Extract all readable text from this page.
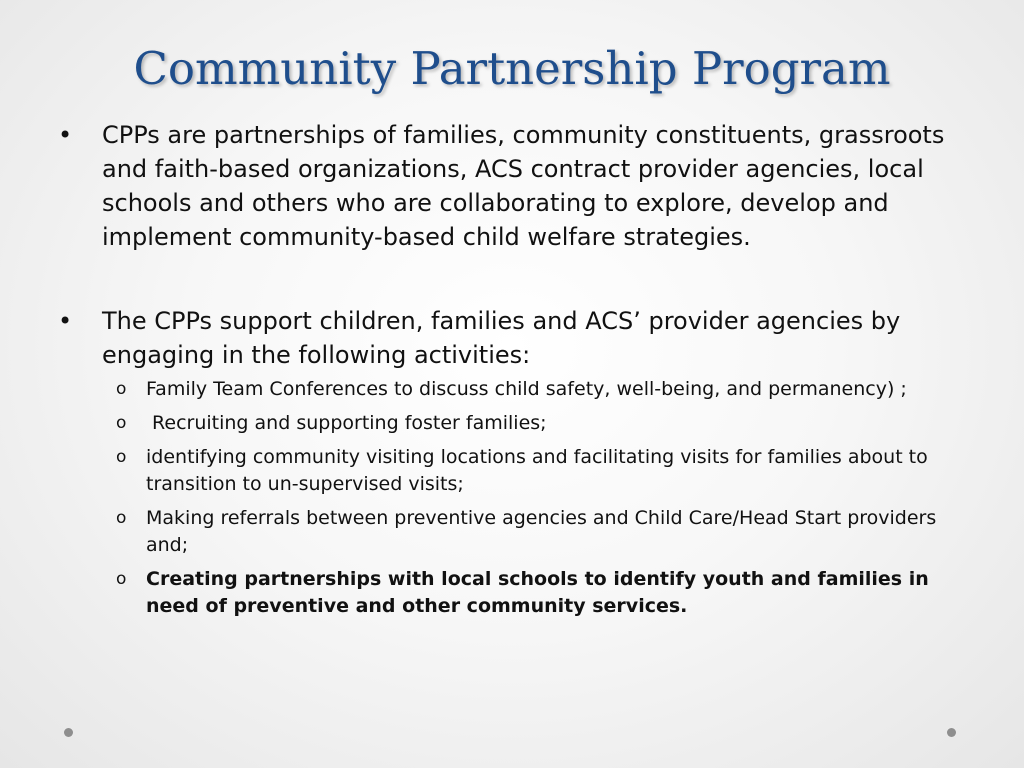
Community Partnership Program
• CPPs are partnerships of families, community constituents, grassroots and faith-based organizations, ACS contract provider agencies, local schools and others who are collaborating to explore, develop and implement community-based child welfare strategies.
• The CPPs support children, families and ACS’ provider agencies by engaging in the following activities:
o Family Team Conferences to discuss child safety, well-being, and permanency) ;
o Recruiting and supporting foster families;
o identifying community visiting locations and facilitating visits for families about to transition to un-supervised visits;
o Making referrals between preventive agencies and Child Care/Head Start providers and;
o Creating partnerships with local schools to identify youth and families in need of preventive and other community services.
